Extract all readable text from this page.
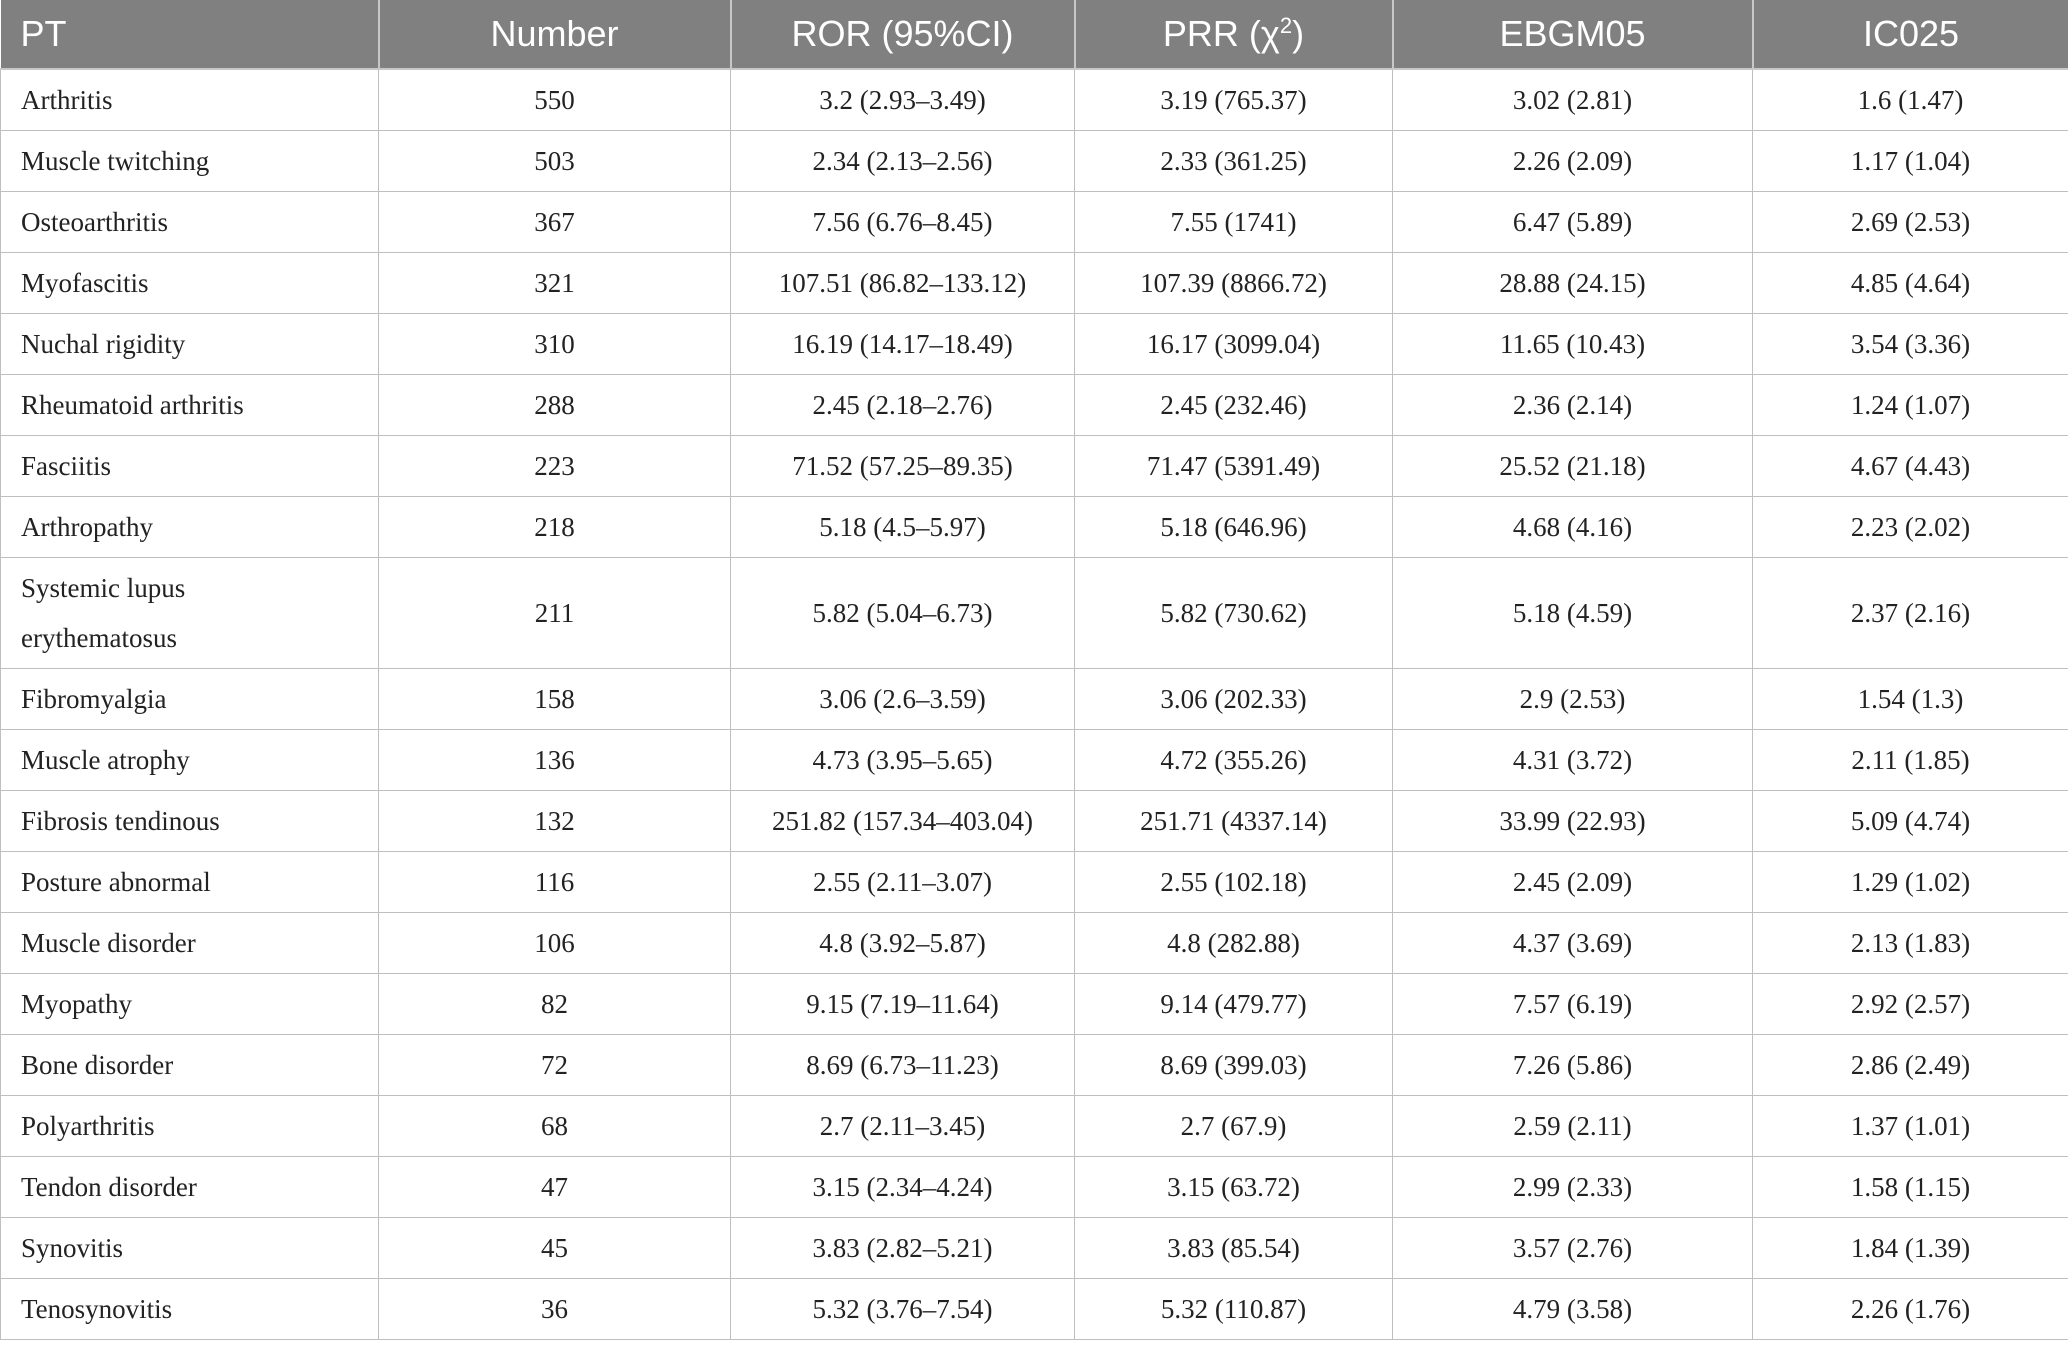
PT	Number	ROR (95%CI)	PRR $(\chi^2)$	EBGM05	IC025
Arthritis	550	3.2 (2.93–3.49)	3.19 (765.37)	3.02 (2.81)	1.6 (1.47)
Muscle twitching	503	2.34 (2.13–2.56)	2.33 (361.25)	2.26 (2.09)	1.17 (1.04)
Osteoarthritis	367	7.56 (6.76–8.45)	7.55 (1741)	6.47 (5.89)	2.69 (2.53)
Myofascitis	321	107.51 (86.82–133.12)	107.39 (8866.72)	28.88 (24.15)	4.85 (4.64)
Nuchal rigidity	310	16.19 (14.17–18.49)	16.17 (3099.04)	11.65 (10.43)	3.54 (3.36)
Rheumatoid arthritis	288	2.45 (2.18–2.76)	2.45 (232.46)	2.36 (2.14)	1.24 (1.07)
Fasciitis	223	71.52 (57.25–89.35)	71.47 (5391.49)	25.52 (21.18)	4.67 (4.43)
Arthropathy	218	5.18 (4.5–5.97)	5.18 (646.96)	4.68 (4.16)	2.23 (2.02)

Systemic lupus
erythematosus	211	5.82 (5.04–6.73)	5.82 (730.62)	5.18 (4.59)	2.37 (2.16)
Fibromyalgia	158	3.06 (2.6–3.59)	3.06 (202.33)	2.9 (2.53)	1.54 (1.3)
Muscle atrophy	136	4.73 (3.95–5.65)	4.72 (355.26)	4.31 (3.72)	2.11 (1.85)
Fibrosis tendinous	132	251.82 (157.34–403.04)	251.71 (4337.14)	33.99 (22.93)	5.09 (4.74)
Posture abnormal	116	2.55 (2.11–3.07)	2.55 (102.18)	2.45 (2.09)	1.29 (1.02)
Muscle disorder	106	4.8 (3.92–5.87)	4.8 (282.88)	4.37 (3.69)	2.13 (1.83)
Myopathy	82	9.15 (7.19–11.64)	9.14 (479.77)	7.57 (6.19)	2.92 (2.57)
Bone disorder	72	8.69 (6.73–11.23)	8.69 (399.03)	7.26 (5.86)	2.86 (2.49)
Polyarthritis	68	2.7 (2.11–3.45)	2.7 (67.9)	2.59 (2.11)	1.37 (1.01)
Tendon disorder	47	3.15 (2.34–4.24)	3.15 (63.72)	2.99 (2.33)	1.58 (1.15)
Synovitis	45	3.83 (2.82–5.21)	3.83 (85.54)	3.57 (2.76)	1.84 (1.39)
Tenosynovitis	36	5.32 (3.76–7.54)	5.32 (110.87)	4.79 (3.58)	2.26 (1.76)
